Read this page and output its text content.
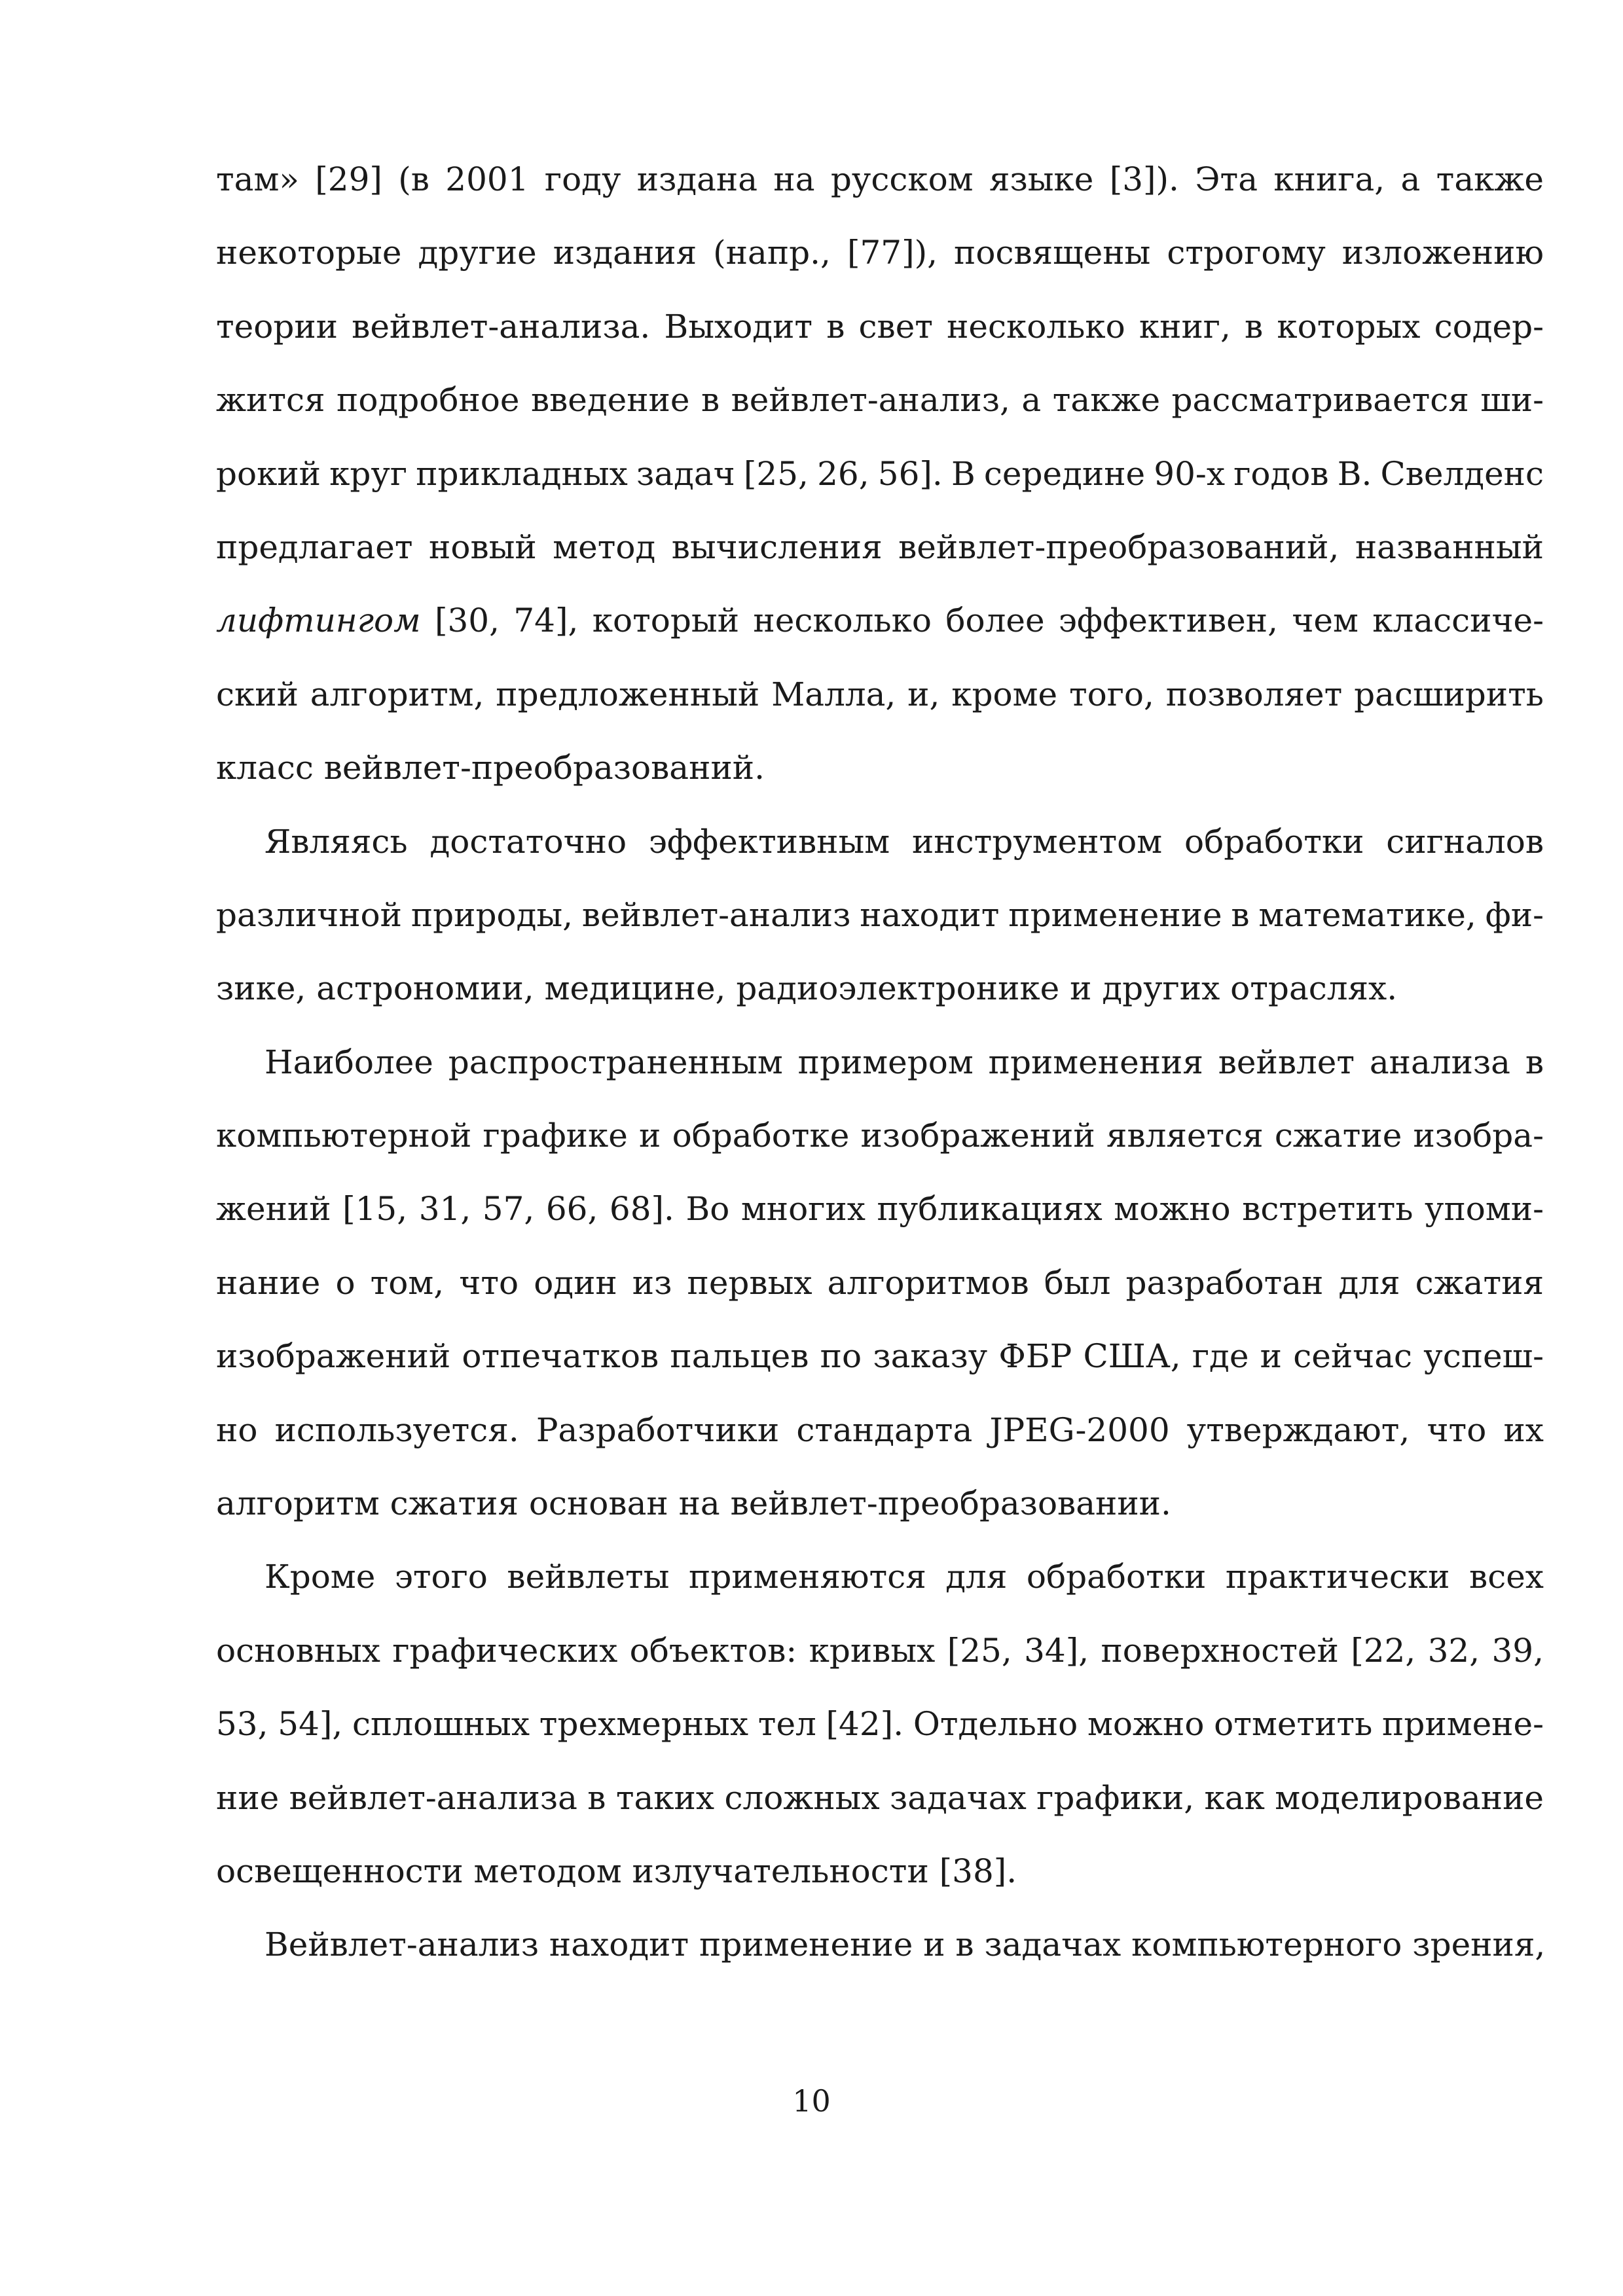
там» [29] (в 2001 году издана на русском языке [3]). Эта книга, а также
некоторые другие издания (напр., [77]), посвящены строгому изложению
теории вейвлет-анализа. Выходит в свет несколько книг, в которых содер-
жится подробное введение в вейвлет-анализ, а также рассматривается ши-
рокий круг прикладных задач [25, 26, 56]. В середине 90-х годов В. Свелденс
предлагает новый метод вычисления вейвлет-преобразований, названный
лифтингом [30, 74], который несколько более эффективен, чем классиче-
ский алгоритм, предложенный Малла, и, кроме того, позволяет расширить
класс вейвлет-преобразований.
Являясь достаточно эффективным инструментом обработки сигналов
различной природы, вейвлет-анализ находит применение в математике, фи-
зике, астрономии, медицине, радиоэлектронике и других отраслях.
Наиболее распространенным примером применения вейвлет анализа в
компьютерной графике и обработке изображений является сжатие изобра-
жений [15, 31, 57, 66, 68]. Во многих публикациях можно встретить упоми-
нание о том, что один из первых алгоритмов был разработан для сжатия
изображений отпечатков пальцев по заказу ФБР США, где и сейчас успеш-
но используется. Разработчики стандарта JPEG-2000 утверждают, что их
алгоритм сжатия основан на вейвлет-преобразовании.
Кроме этого вейвлеты применяются для обработки практически всех
основных графических объектов: кривых [25, 34], поверхностей [22, 32, 39,
53, 54], сплошных трехмерных тел [42]. Отдельно можно отметить примене-
ние вейвлет-анализа в таких сложных задачах графики, как моделирование
освещенности методом излучательности [38].
Вейвлет-анализ находит применение и в задачах компьютерного зрения,
10
